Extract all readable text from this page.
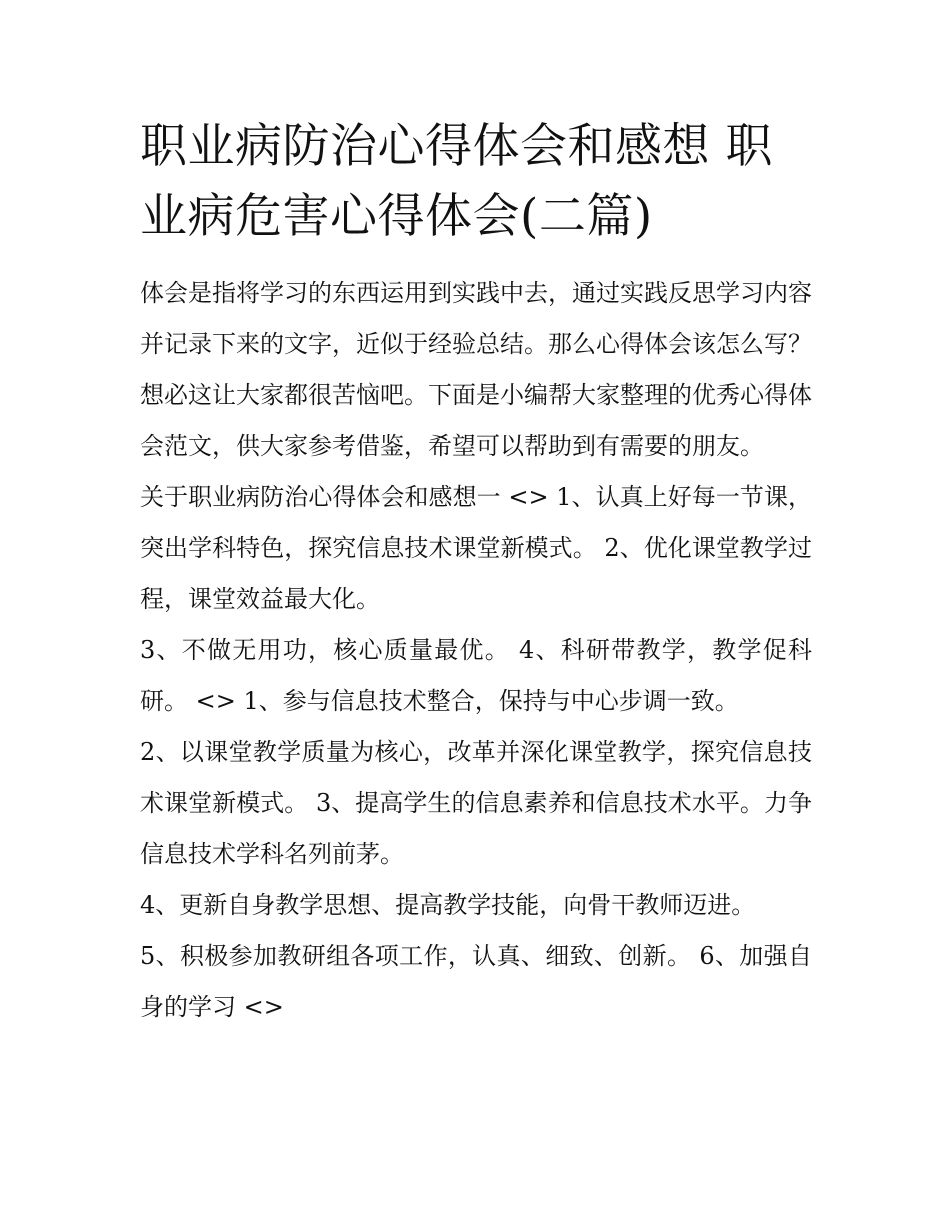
职业病防治心得体会和感想 职业病危害心得体会(二篇)

体会是指将学习的东西运用到实践中去，通过实践反思学习内容并记录下来的文字，近似于经验总结。那么心得体会该怎么写？想必这让大家都很苦恼吧。下面是小编帮大家整理的优秀心得体会范文，供大家参考借鉴，希望可以帮助到有需要的朋友。

关于职业病防治心得体会和感想一 <> 1、认真上好每一节课，突出学科特色，探究信息技术课堂新模式。 2、优化课堂教学过程，课堂效益最大化。

3、不做无用功，核心质量最优。 4、科研带教学，教学促科研。 <> 1、参与信息技术整合，保持与中心步调一致。

2、以课堂教学质量为核心，改革并深化课堂教学，探究信息技术课堂新模式。 3、提高学生的信息素养和信息技术水平。力争信息技术学科名列前茅。

4、更新自身教学思想、提高教学技能，向骨干教师迈进。

5、积极参加教研组各项工作，认真、细致、创新。 6、加强自身的学习 <>
